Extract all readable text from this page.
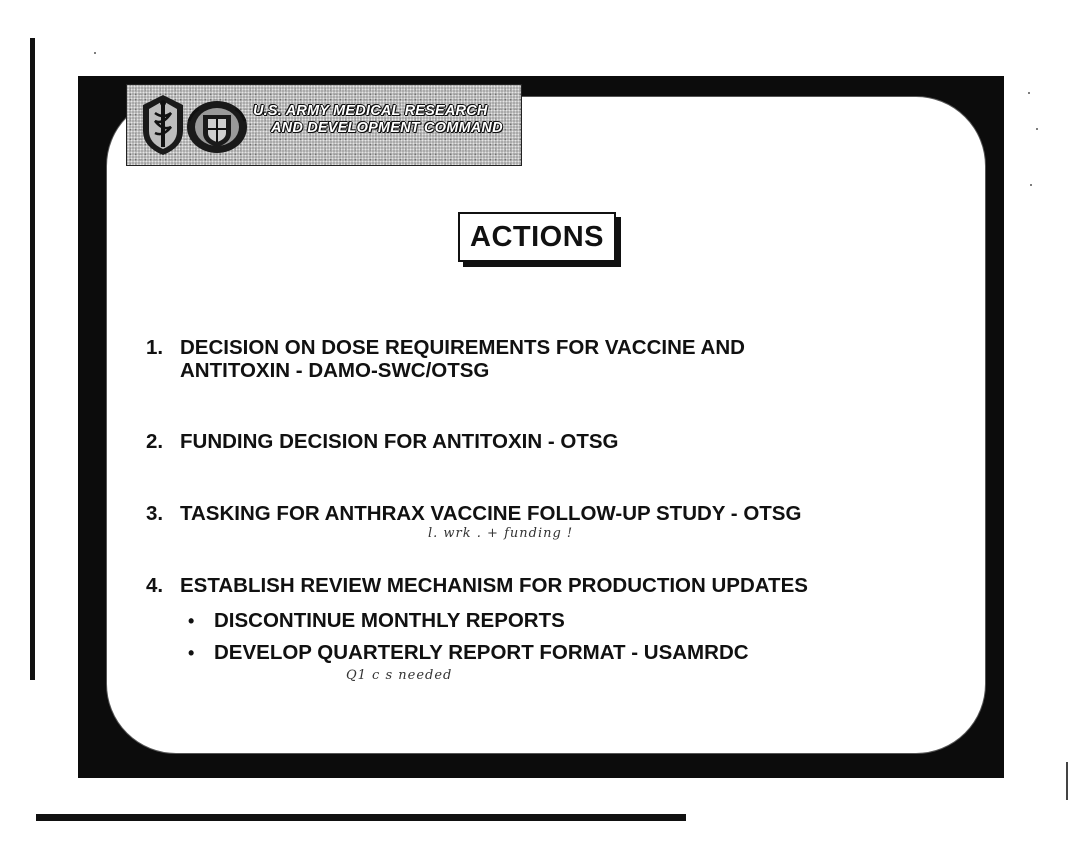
U.S. ARMY MEDICAL RESEARCH
AND DEVELOPMENT COMMAND
ACTIONS
1. DECISION ON DOSE REQUIREMENTS FOR VACCINE AND
ANTITOXIN - DAMO-SWC/OTSG
2. FUNDING DECISION FOR ANTITOXIN - OTSG
3. TASKING FOR ANTHRAX VACCINE FOLLOW-UP STUDY - OTSG
4. ESTABLISH REVIEW MECHANISM FOR PRODUCTION UPDATES
• DISCONTINUE MONTHLY REPORTS
• DEVELOP QUARTERLY REPORT FORMAT - USAMRDC
l. wrk . + funding !
Q1 c s needed
